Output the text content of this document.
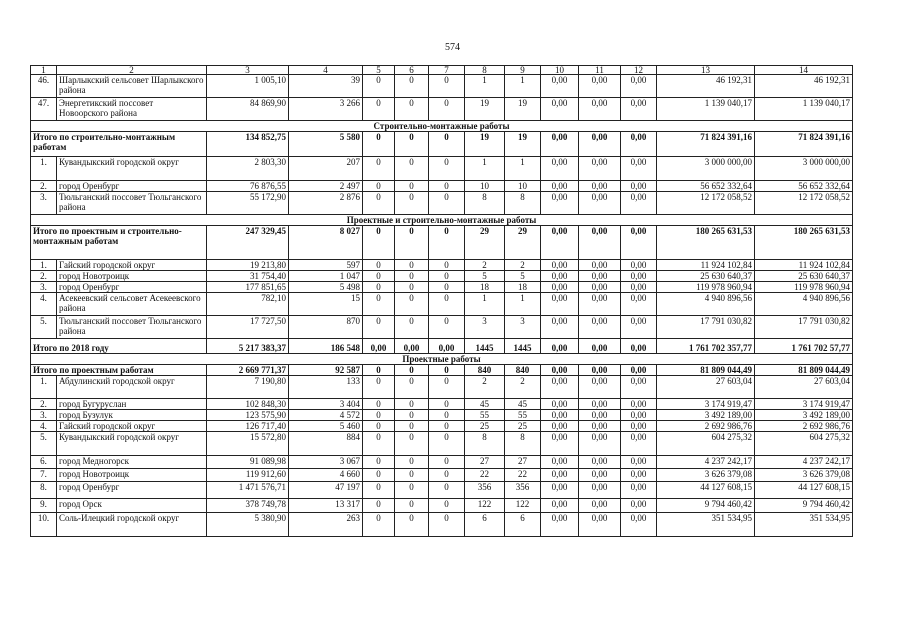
574
1	2	3	4	5	6	7	8	9	10	11	12	13	14
46.	Шарлыкский сельсовет Шарлыкского района	1 005,10	39	0	0	0	1	1	0,00	0,00	0,00	46 192,31	46 192,31
47.	Энергетикский поссовет Новоорского района	84 869,90	3 266	0	0	0	19	19	0,00	0,00	0,00	1 139 040,17	1 139 040,17
Строительно-монтажные работы													
Итого по строительно-монтажным работам		134 852,75	5 580	0	0	0	19	19	0,00	0,00	0,00	71 824 391,16	71 824 391,16
1.	Кувандыкский городской округ	2 803,30	207	0	0	0	1	1	0,00	0,00	0,00	3 000 000,00	3 000 000,00
2.	город Оренбург	76 876,55	2 497	0	0	0	10	10	0,00	0,00	0,00	56 652 332,64	56 652 332,64
3.	Тюльганский поссовет Тюльганского района	55 172,90	2 876	0	0	0	8	8	0,00	0,00	0,00	12 172 058,52	12 172 058,52
Проектные и строительно-монтажные работы													
Итого по проектным и строительно-монтажным работам		247 329,45	8 027	0	0	0	29	29	0,00	0,00	0,00	180 265 631,53	180 265 631,53
1.	Гайский городской округ	19 213,80	597	0	0	0	2	2	0,00	0,00	0,00	11 924 102,84	11 924 102,84
2.	город Новотроицк	31 754,40	1 047	0	0	0	5	5	0,00	0,00	0,00	25 630 640,37	25 630 640,37
3.	город Оренбург	177 851,65	5 498	0	0	0	18	18	0,00	0,00	0,00	119 978 960,94	119 978 960,94
4.	Асекеевский сельсовет Асекеевского района	782,10	15	0	0	0	1	1	0,00	0,00	0,00	4 940 896,56	4 940 896,56
5.	Тюльганский поссовет Тюльганского района	17 727,50	870	0	0	0	3	3	0,00	0,00	0,00	17 791 030,82	17 791 030,82
Итого по 2018 году		5 217 383,37	186 548	0,00	0,00	0,00	1445	1445	0,00	0,00	0,00	1 761 702 357,77	1 761 702 57,77
Проектные работы													
Итого по проектным работам		2 669 771,37	92 587	0	0	0	840	840	0,00	0,00	0,00	81 809 044,49	81 809 044,49
1.	Абдулинский городской округ	7 190,80	133	0	0	0	2	2	0,00	0,00	0,00	27 603,04	27 603,04
2.	город Бугуруслан	102 848,30	3 404	0	0	0	45	45	0,00	0,00	0,00	3 174 919,47	3 174 919,47
3.	город Бузулук	123 575,90	4 572	0	0	0	55	55	0,00	0,00	0,00	3 492 189,00	3 492 189,00
4.	Гайский городской округ	126 717,40	5 460	0	0	0	25	25	0,00	0,00	0,00	2 692 986,76	2 692 986,76
5.	Кувандыкский городской округ	15 572,80	884	0	0	0	8	8	0,00	0,00	0,00	604 275,32	604 275,32
6.	город Медногорск	91 089,98	3 067	0	0	0	27	27	0,00	0,00	0,00	4 237 242,17	4 237 242,17
7.	город Новотроицк	119 912,60	4 660	0	0	0	22	22	0,00	0,00	0,00	3 626 379,08	3 626 379,08
8.	город Оренбург	1 471 576,71	47 197	0	0	0	356	356	0,00	0,00	0,00	44 127 608,15	44 127 608,15
9.	город Орск	378 749,78	13 317	0	0	0	122	122	0,00	0,00	0,00	9 794 460,42	9 794 460,42
10.	Соль-Илецкий городской округ	5 380,90	263	0	0	0	6	6	0,00	0,00	0,00	351 534,95	351 534,95
